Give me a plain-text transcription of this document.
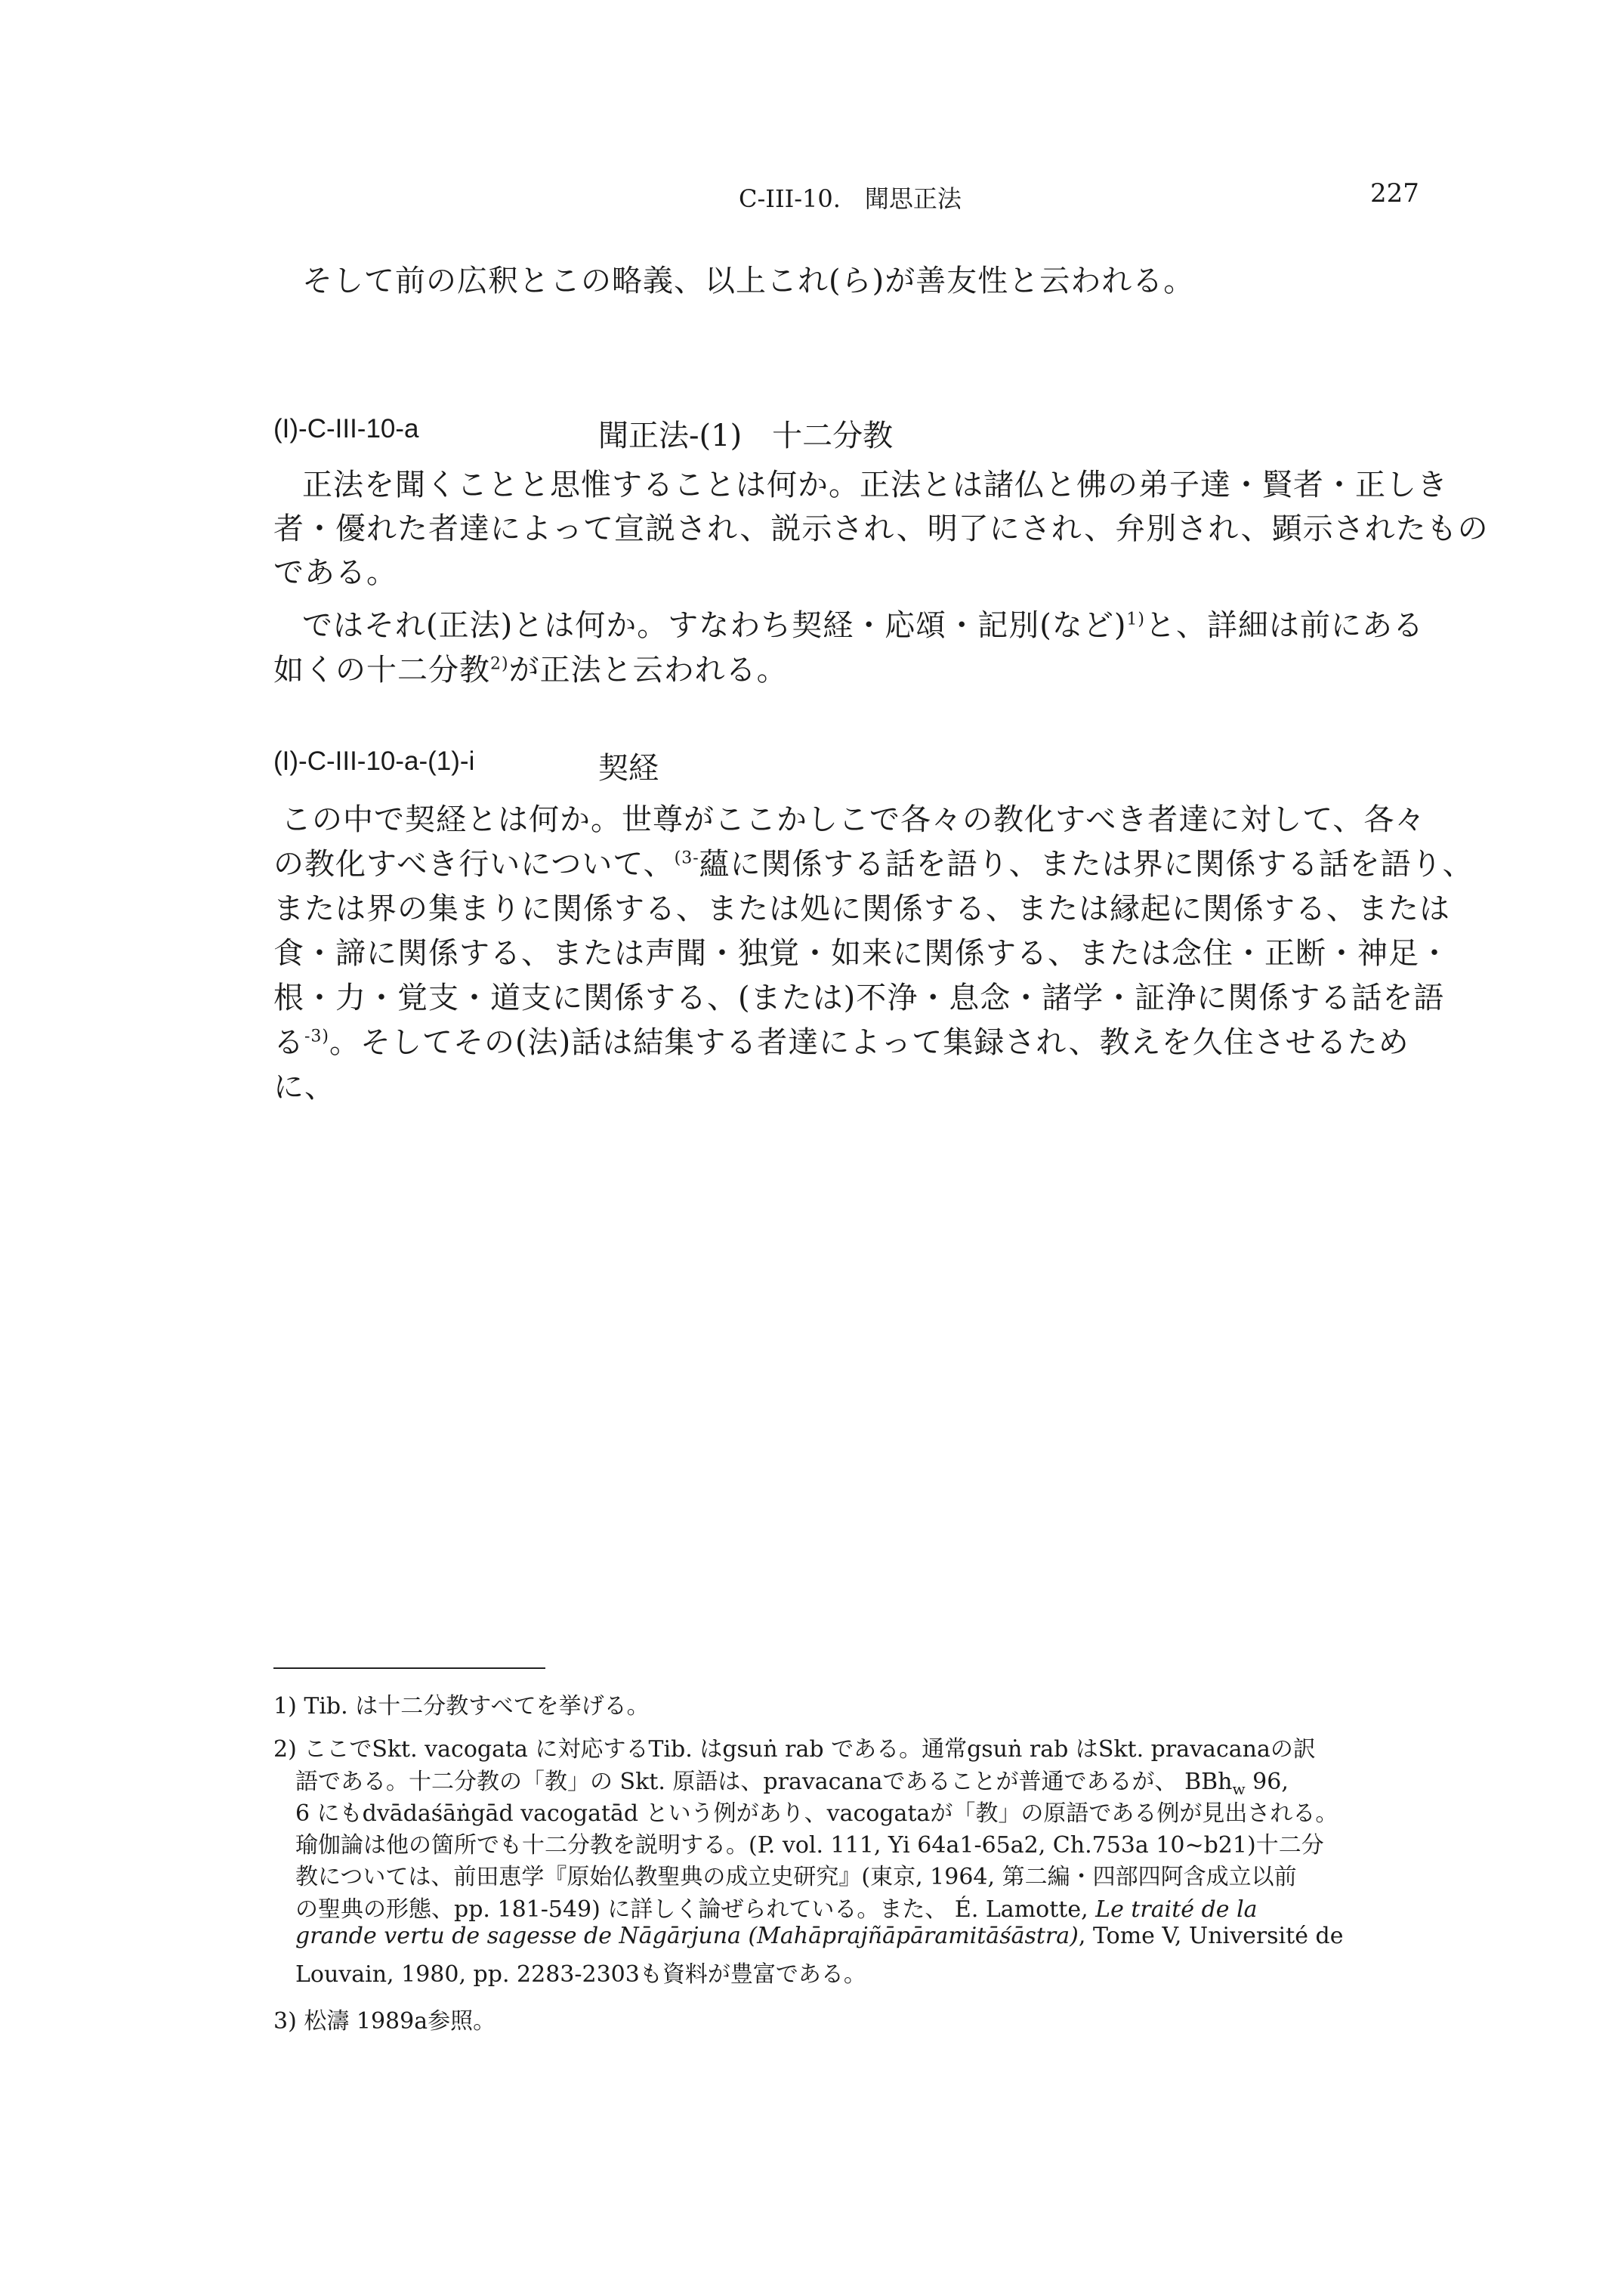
C-III-10.　聞思正法	227
そして前の広釈とこの略義、以上これ(ら)が善友性と云われる。
(I)-C-III-10-a	聞正法-(1)　十二分教
正法を聞くことと思惟することは何か。正法とは諸仏と佛の弟子達・賢者・正しき
者・優れた者達によって宣説され、説示され、明了にされ、弁別され、顕示されたもの
である。
ではそれ(正法)とは何か。すなわち契経・応頌・記別(など)$^{1)}$と、詳細は前にある
如くの十二分教$^{2)}$が正法と云われる。
(I)-C-III-10-a-(1)-i	契経
この中で契経とは何か。世尊がここかしこで各々の教化すべき者達に対して、各々
の教化すべき行いについて、$^{(3-}$蘊に関係する話を語り、または界に関係する話を語り、
または界の集まりに関係する、または処に関係する、または縁起に関係する、または
食・諦に関係する、または声聞・独覚・如来に関係する、または念住・正断・神足・
根・力・覚支・道支に関係する、(または)不浄・息念・諸学・証浄に関係する話を語
る$^{-3)}$。そしてその(法)話は結集する者達によって集録され、教えを久住させるため
に、
1) Tib. は十二分教すべてを挙げる。
2) ここでSkt. vacogata に対応するTib. はgsuṅ rab である。通常gsuṅ rab はSkt. pravacanaの訳
語である。十二分教の「教」の Skt. 原語は、pravacanaであることが普通であるが、 BBh$_w$ 96,
6 にもdvādaśāṅgād vacogatād という例があり、vacogataが「教」の原語である例が見出される。
瑜伽論は他の箇所でも十二分教を説明する。(P. vol. 111, Yi 64a1-65a2, Ch.753a 10~b21)十二分
教については、前田恵学『原始仏教聖典の成立史研究』(東京, 1964, 第二編・四部四阿含成立以前
の聖典の形態、pp. 181-549) に詳しく論ぜられている。また、 É. Lamotte, Le traité de la
grande vertu de sagesse de Nāgārjuna (Mahāprajñāpāramitāśāstra), Tome V, Université de
Louvain, 1980, pp. 2283-2303も資料が豊富である。
3) 松濤 1989a参照。
